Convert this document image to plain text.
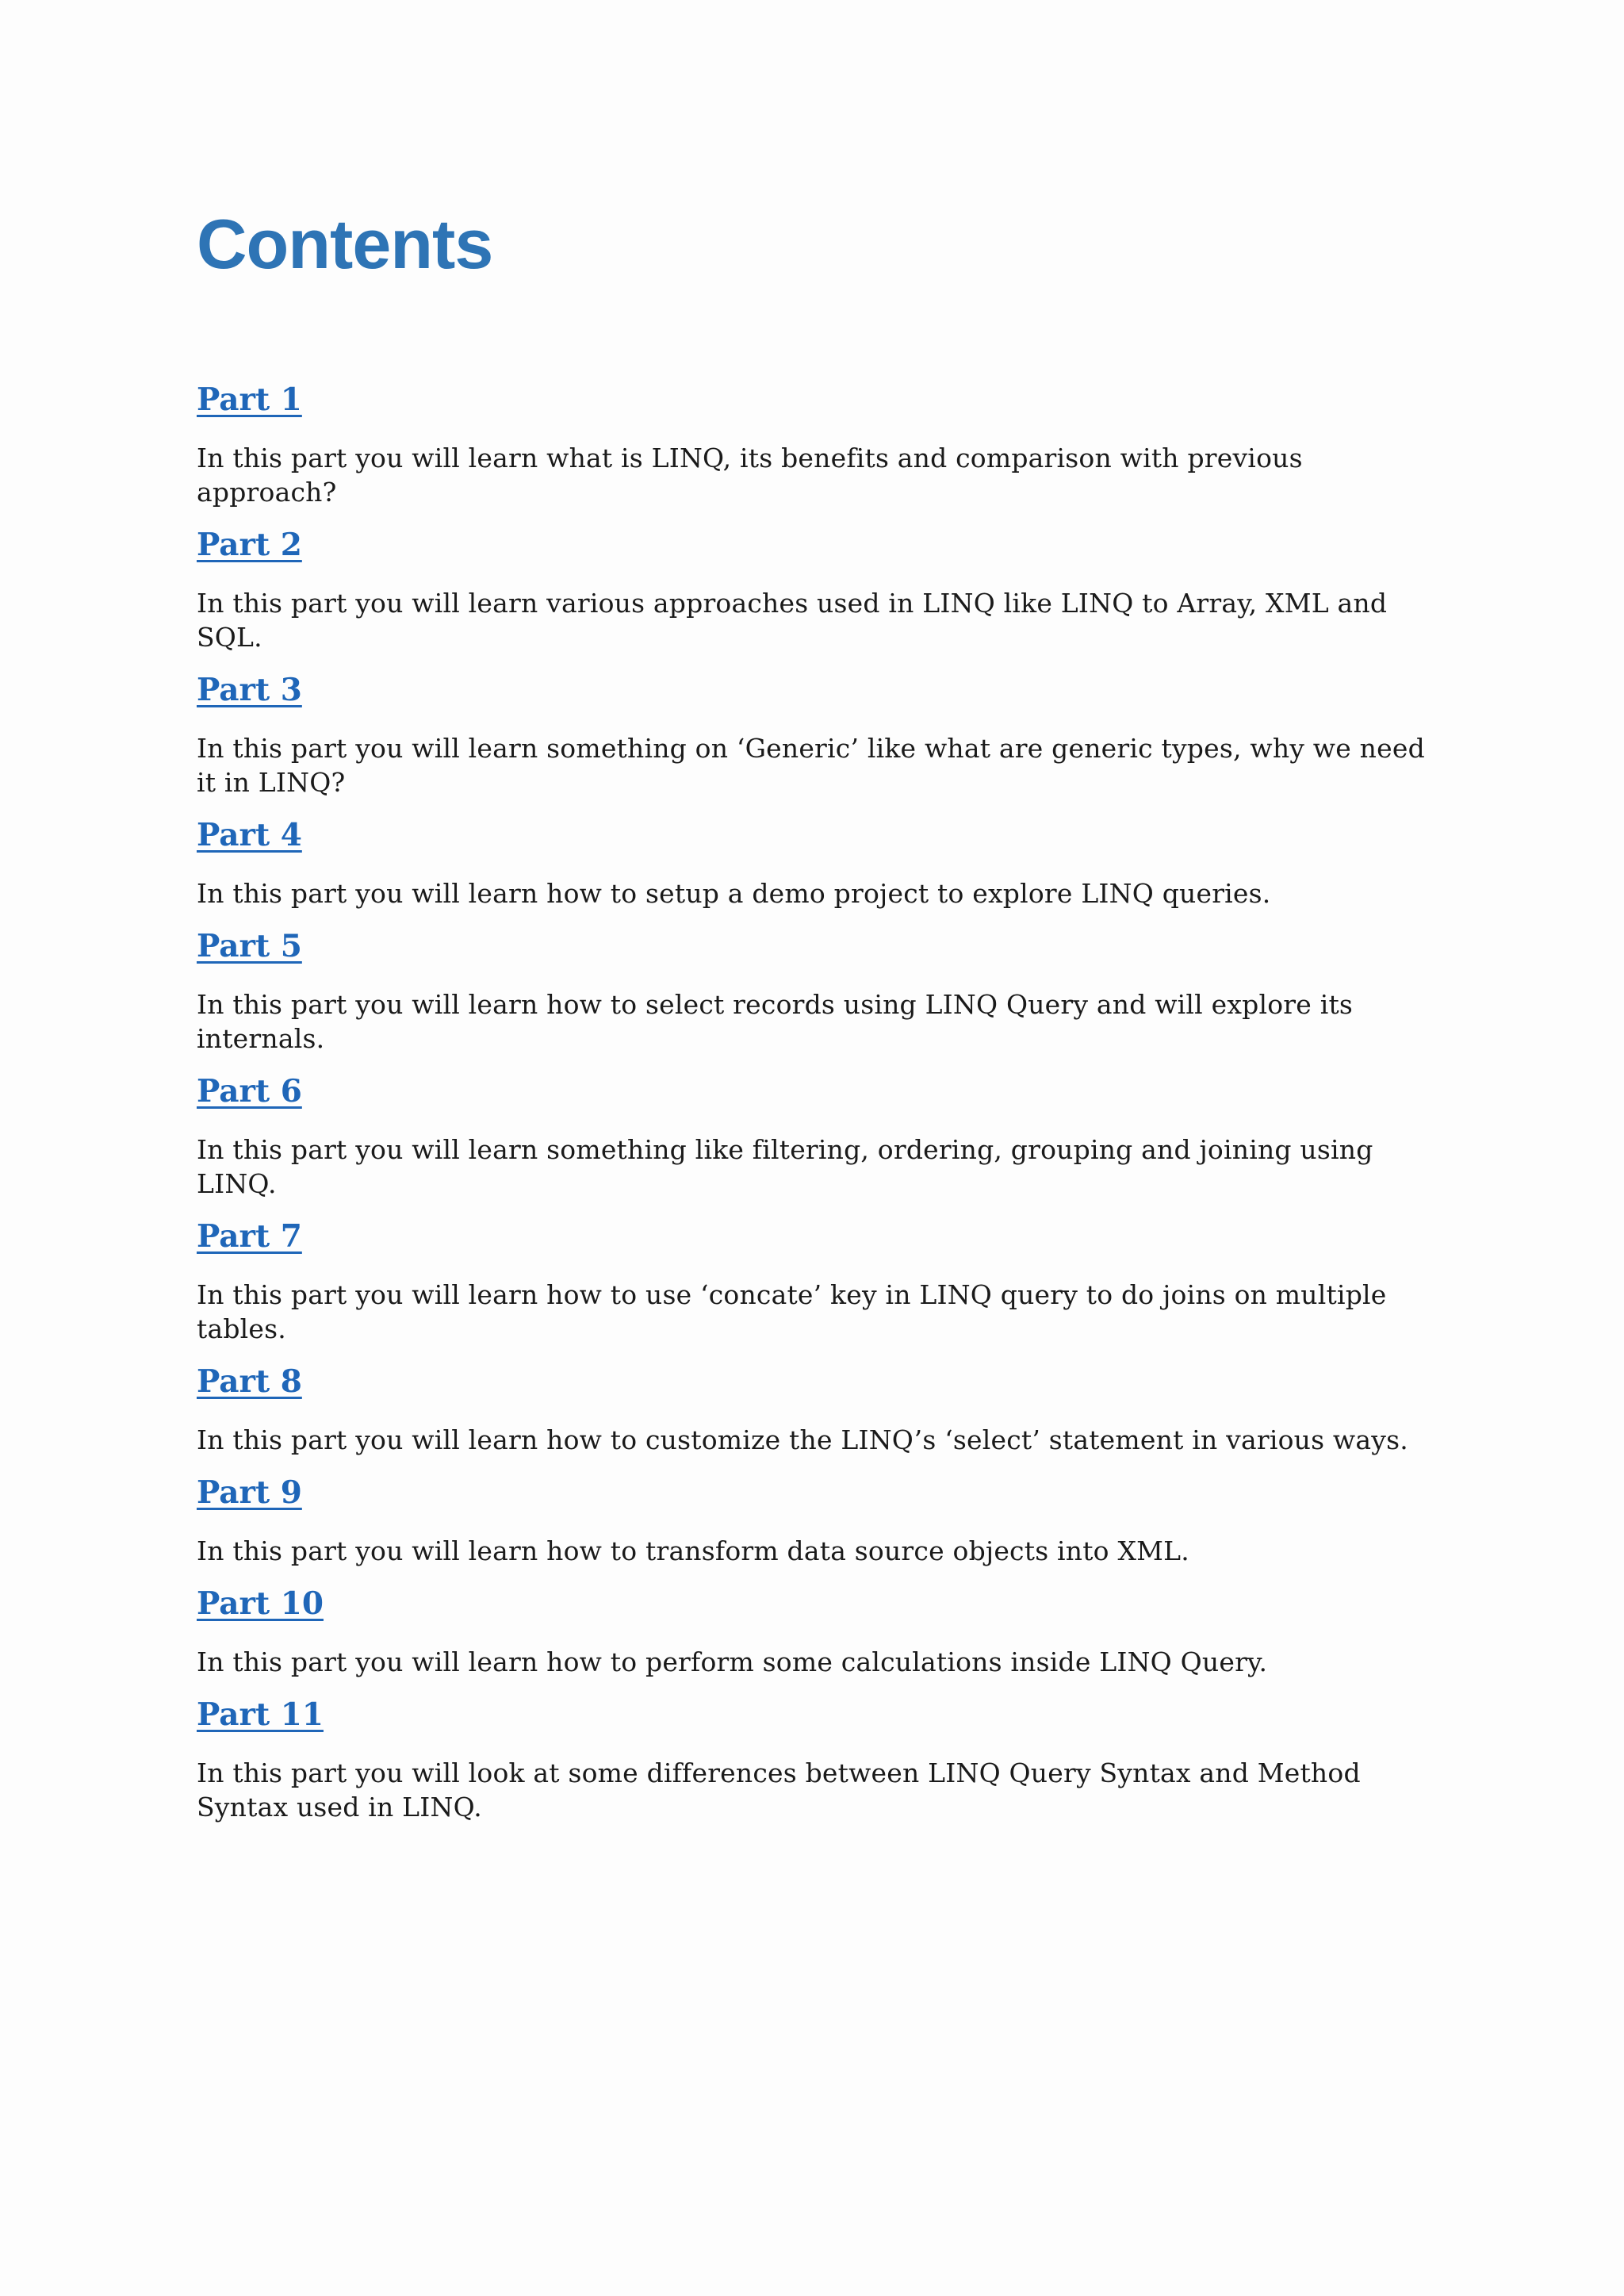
Contents
Part 1

In this part you will learn what is LINQ, its benefits and comparison with previous approach?

Part 2

In this part you will learn various approaches used in LINQ like LINQ to Array, XML and SQL.

Part 3

In this part you will learn something on ‘Generic’ like what are generic types, why we need it in LINQ?

Part 4

In this part you will learn how to setup a demo project to explore LINQ queries.

Part 5

In this part you will learn how to select records using LINQ Query and will explore its internals.

Part 6

In this part you will learn something like filtering, ordering, grouping and joining using LINQ.

Part 7

In this part you will learn how to use ‘concate’ key in LINQ query to do joins on multiple tables.

Part 8

In this part you will learn how to customize the LINQ’s ‘select’ statement in various ways.

Part 9

In this part you will learn how to transform data source objects into XML.

Part 10

In this part you will learn how to perform some calculations inside LINQ Query.

Part 11

In this part you will look at some differences between LINQ Query Syntax and Method Syntax used in LINQ.
